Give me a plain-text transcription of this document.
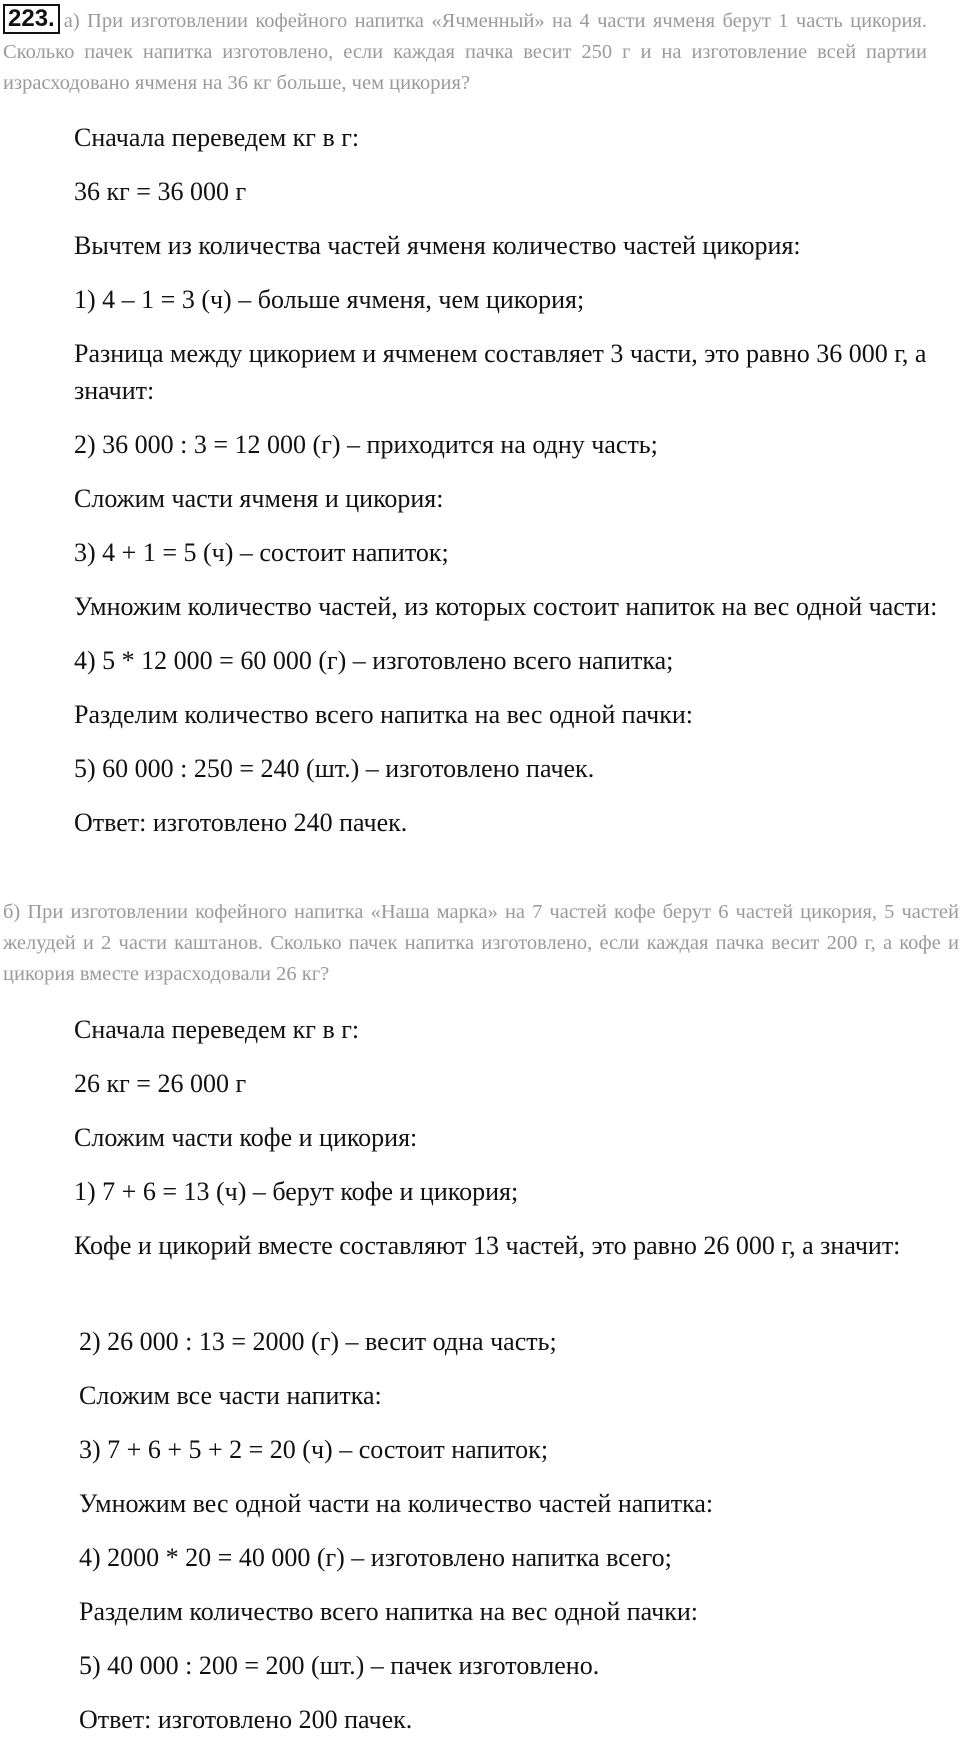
223. а) При изготовлении кофейного напитка «Ячменный» на 4 части ячменя берут 1 часть цикория. Сколько пачек напитка изготовлено, если каждая пачка весит 250 г и на изготовление всей партии израсходовано ячменя на 36 кг больше, чем цикория?

Сначала переведем кг в г:

36 кг = 36 000 г

Вычтем из количества частей ячменя количество частей цикория:

1) 4 – 1 = 3 (ч) – больше ячменя, чем цикория;

Разница между цикорием и ячменем составляет 3 части, это равно 36 000 г, а значит:

2) 36 000 : 3 = 12 000 (г) – приходится на одну часть;

Сложим части ячменя и цикория:

3) 4 + 1 = 5 (ч) – состоит напиток;

Умножим количество частей, из которых состоит напиток на вес одной части:

4) 5 * 12 000 = 60 000 (г) – изготовлено всего напитка;

Разделим количество всего напитка на вес одной пачки:

5) 60 000 : 250 = 240 (шт.) – изготовлено пачек.

Ответ: изготовлено 240 пачек.

б) При изготовлении кофейного напитка «Наша марка» на 7 частей кофе берут 6 частей цикория, 5 частей желудей и 2 части каштанов. Сколько пачек напитка изготовлено, если каждая пачка весит 200 г, а кофе и цикория вместе израсходовали 26 кг?

Сначала переведем кг в г:

26 кг = 26 000 г

Сложим части кофе и цикория:

1) 7 + 6 = 13 (ч) – берут кофе и цикория;

Кофе и цикорий вместе составляют 13 частей, это равно 26 000 г, а значит:

2) 26 000 : 13 = 2000 (г) – весит одна часть;

Сложим все части напитка:

3) 7 + 6 + 5 + 2 = 20 (ч) – состоит напиток;

Умножим вес одной части на количество частей напитка:

4) 2000 * 20 = 40 000 (г) – изготовлено напитка всего;

Разделим количество всего напитка на вес одной пачки:

5) 40 000 : 200 = 200 (шт.) – пачек изготовлено.

Ответ: изготовлено 200 пачек.
